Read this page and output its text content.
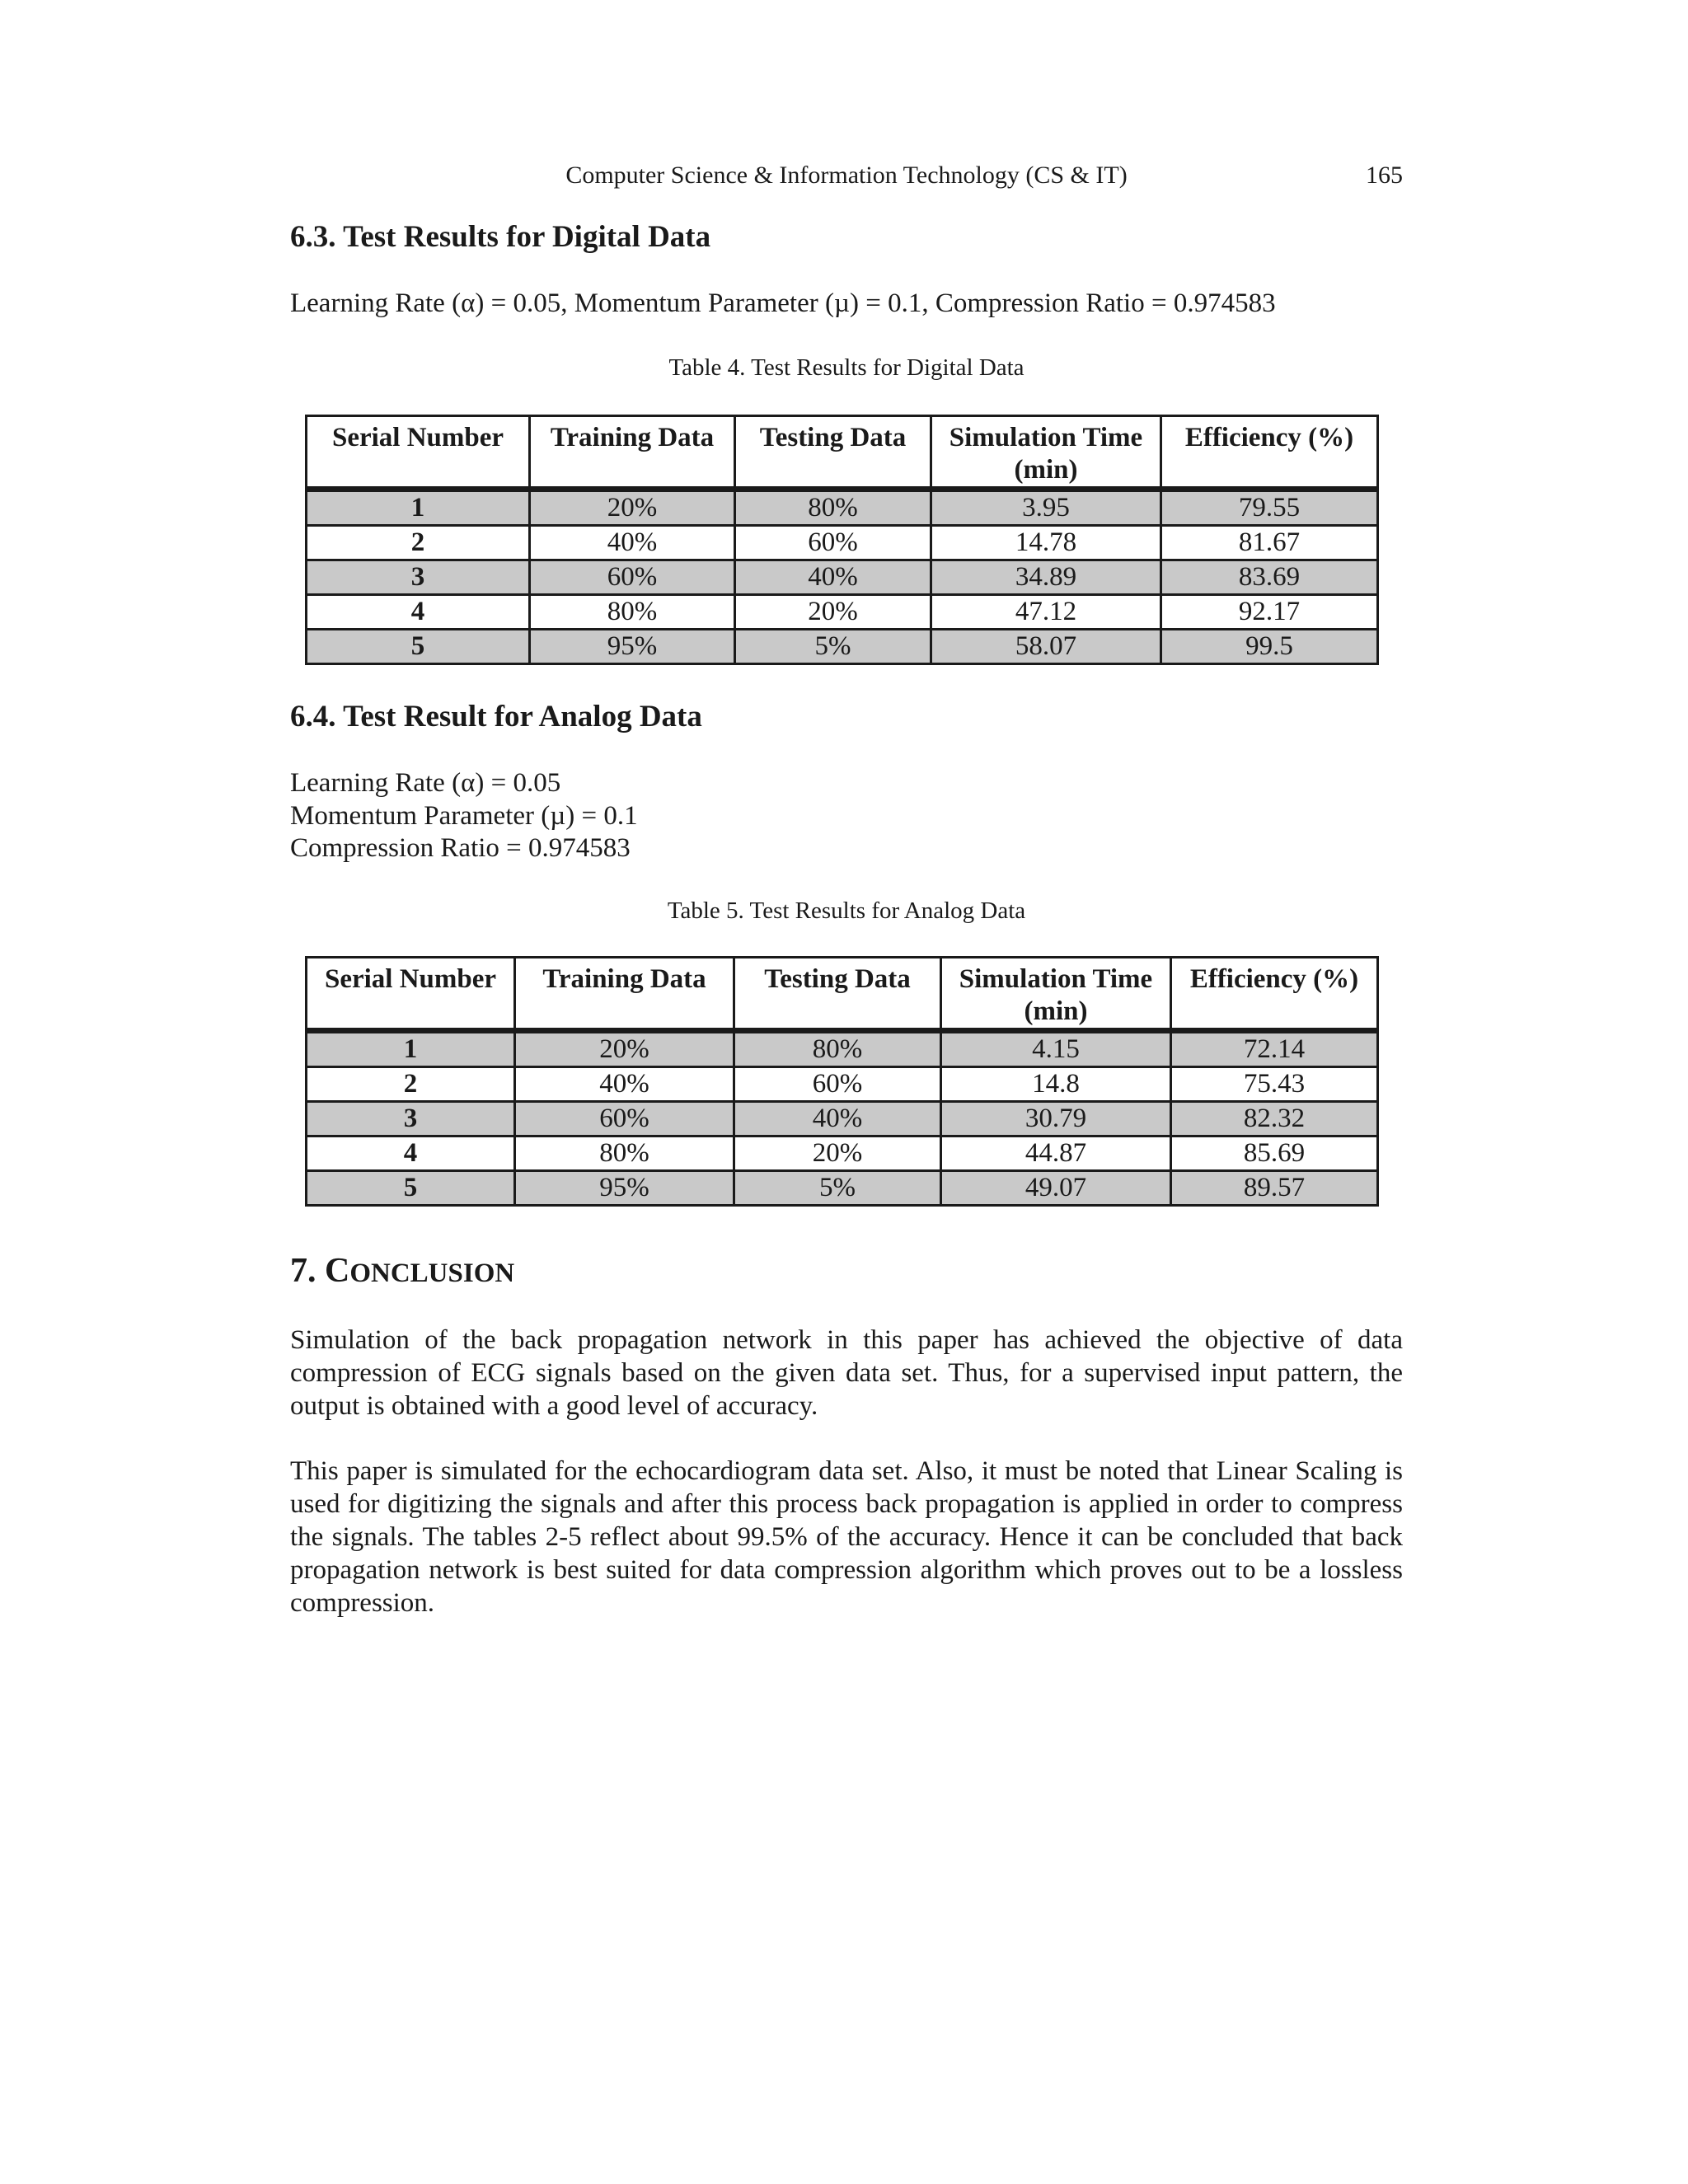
Computer Science & Information Technology (CS & IT)	165
6.3. Test Results for Digital Data
Learning Rate (α) = 0.05, Momentum Parameter (µ) = 0.1, Compression Ratio = 0.974583
Table 4. Test Results for Digital Data
Serial Number	Training Data	Testing Data	Simulation Time (min)	Efficiency (%)
1	20%	80%	3.95	79.55
2	40%	60%	14.78	81.67
3	60%	40%	34.89	83.69
4	80%	20%	47.12	92.17
5	95%	5%	58.07	99.5
6.4. Test Result for Analog Data
Learning Rate (α) = 0.05
Momentum Parameter (µ) = 0.1
Compression Ratio = 0.974583
Table 5. Test Results for Analog Data
Serial Number	Training Data	Testing Data	Simulation Time (min)	Efficiency (%)
1	20%	80%	4.15	72.14
2	40%	60%	14.8	75.43
3	60%	40%	30.79	82.32
4	80%	20%	44.87	85.69
5	95%	5%	49.07	89.57
7. CONCLUSION

Simulation of the back propagation network in this paper has achieved the objective of data compression of ECG signals based on the given data set. Thus, for a supervised input pattern, the output is obtained with a good level of accuracy.

This paper is simulated for the echocardiogram data set. Also, it must be noted that Linear Scaling is used for digitizing the signals and after this process back propagation is applied in order to compress the signals. The tables 2-5 reflect about 99.5% of the accuracy. Hence it can be concluded that back propagation network is best suited for data compression algorithm which proves out to be a lossless compression.
